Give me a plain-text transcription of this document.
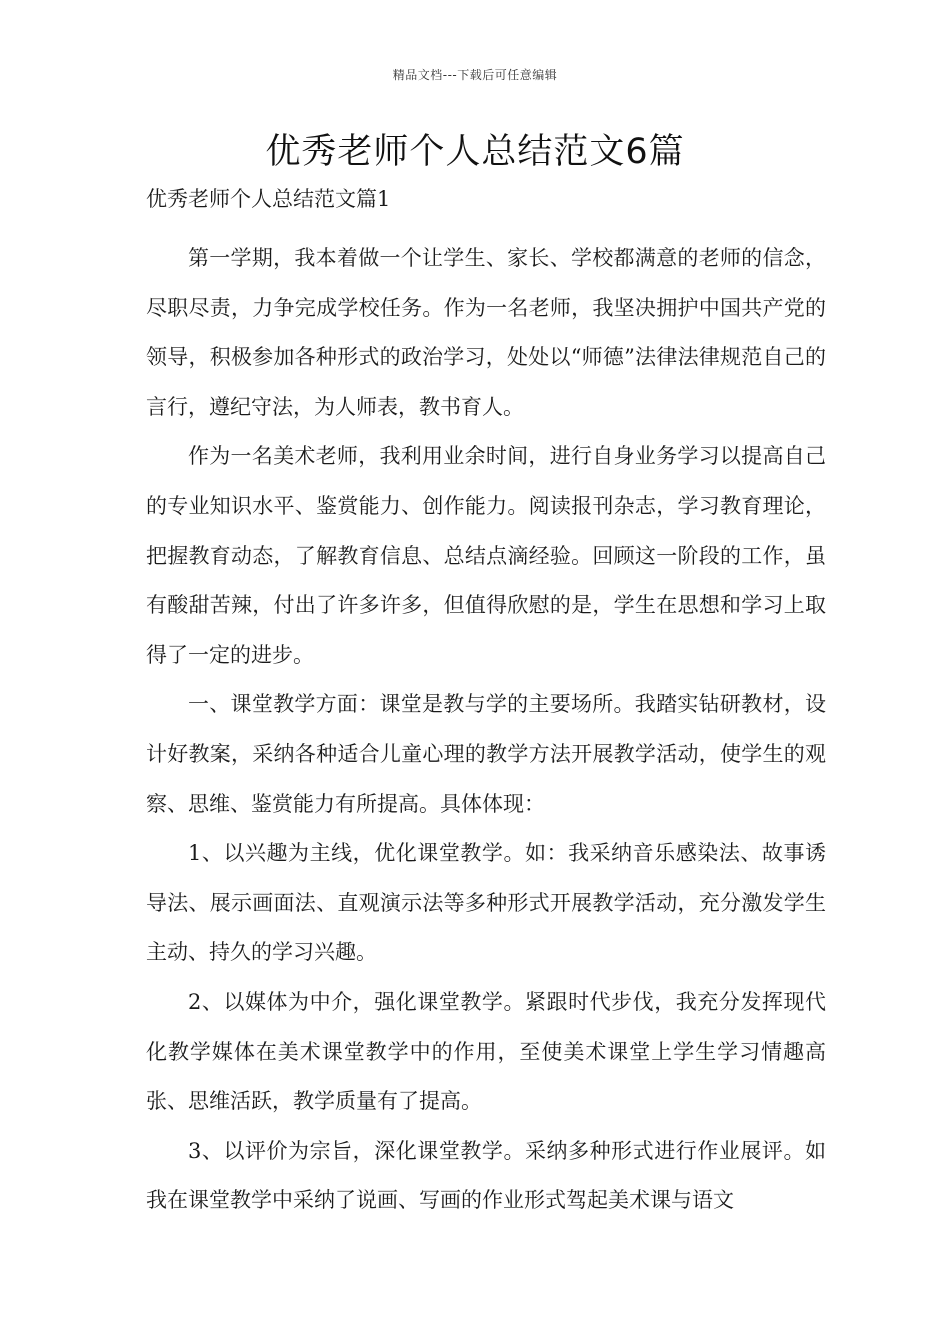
精品文档---下载后可任意编辑
优秀老师个人总结范文6篇
优秀老师个人总结范文篇1

第一学期，我本着做一个让学生、家长、学校都满意的老师的信念，尽职尽责，力争完成学校任务。作为一名老师，我坚决拥护中国共产党的领导，积极参加各种形式的政治学习，处处以“师德”法律法律规范自己的言行，遵纪守法，为人师表，教书育人。

作为一名美术老师，我利用业余时间，进行自身业务学习以提高自己的专业知识水平、鉴赏能力、创作能力。阅读报刊杂志，学习教育理论，把握教育动态，了解教育信息、总结点滴经验。回顾这一阶段的工作，虽有酸甜苦辣，付出了许多许多，但值得欣慰的是，学生在思想和学习上取得了一定的进步。

一、课堂教学方面：课堂是教与学的主要场所。我踏实钻研教材，设计好教案，采纳各种适合儿童心理的教学方法开展教学活动，使学生的观察、思维、鉴赏能力有所提高。具体体现：

1、以兴趣为主线，优化课堂教学。如：我采纳音乐感染法、故事诱导法、展示画面法、直观演示法等多种形式开展教学活动，充分激发学生主动、持久的学习兴趣。

2、以媒体为中介，强化课堂教学。紧跟时代步伐，我充分发挥现代化教学媒体在美术课堂教学中的作用，至使美术课堂上学生学习情趣高张、思维活跃，教学质量有了提高。

3、以评价为宗旨，深化课堂教学。采纳多种形式进行作业展评。如我在课堂教学中采纳了说画、写画的作业形式驾起美术课与语文
